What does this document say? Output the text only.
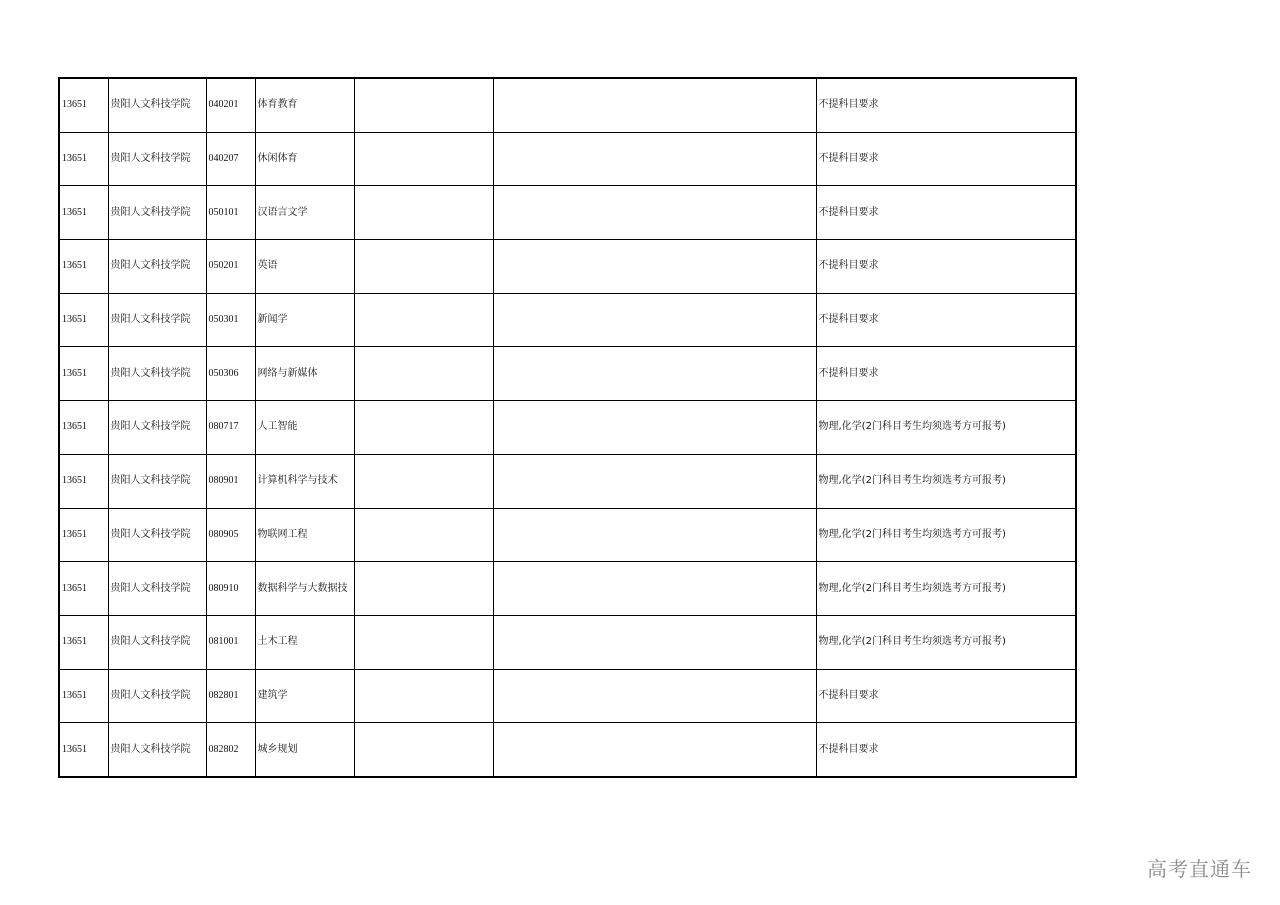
13651	贵阳人文科技学院	040201	体育教育			不提科目要求
13651	贵阳人文科技学院	040207	休闲体育			不提科目要求
13651	贵阳人文科技学院	050101	汉语言文学			不提科目要求
13651	贵阳人文科技学院	050201	英语			不提科目要求
13651	贵阳人文科技学院	050301	新闻学			不提科目要求
13651	贵阳人文科技学院	050306	网络与新媒体			不提科目要求
13651	贵阳人文科技学院	080717	人工智能			物理,化学(2门科目考生均须选考方可报考)
13651	贵阳人文科技学院	080901	计算机科学与技术			物理,化学(2门科目考生均须选考方可报考)
13651	贵阳人文科技学院	080905	物联网工程			物理,化学(2门科目考生均须选考方可报考)
13651	贵阳人文科技学院	080910	数据科学与大数据技			物理,化学(2门科目考生均须选考方可报考)
13651	贵阳人文科技学院	081001	土木工程			物理,化学(2门科目考生均须选考方可报考)
13651	贵阳人文科技学院	082801	建筑学			不提科目要求
13651	贵阳人文科技学院	082802	城乡规划			不提科目要求
高考直通车
